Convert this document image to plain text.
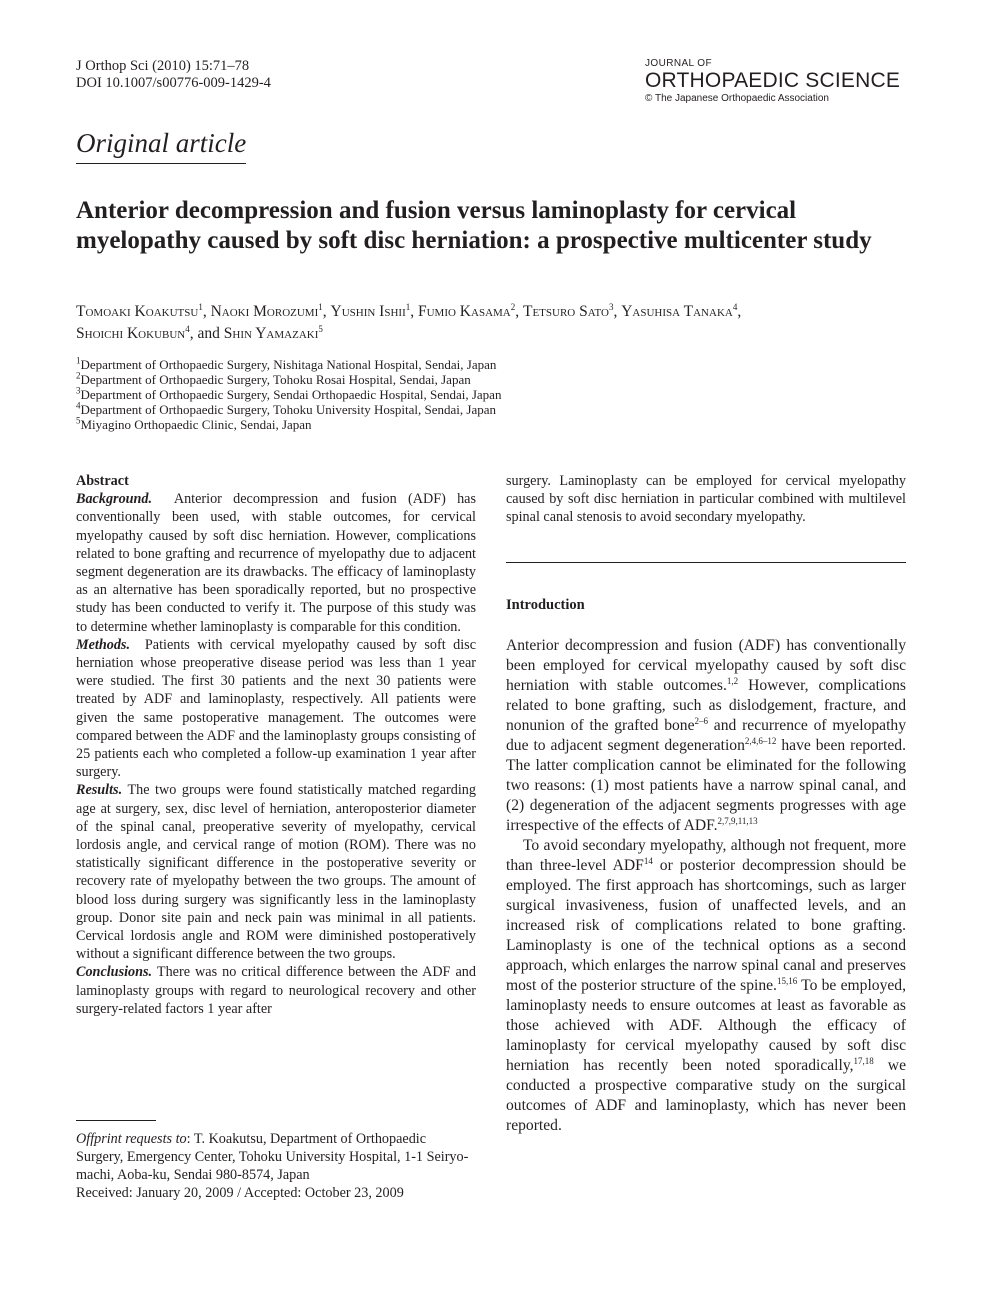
J Orthop Sci (2010) 15:71–78
DOI 10.1007/s00776-009-1429-4
JOURNAL OF
ORTHOPAEDIC SCIENCE
© The Japanese Orthopaedic Association
Original article
Anterior decompression and fusion versus laminoplasty for cervical myelopathy caused by soft disc herniation: a prospective multicenter study
Tomoaki Koakutsu$^1$, Naoki Morozumi$^1$, Yushin Ishii$^1$, Fumio Kasama$^2$, Tetsuro Sato$^3$, Yasuhisa Tanaka$^4$,
Shoichi Kokubun$^4$, and Shin Yamazaki$^5$
$^1$Department of Orthopaedic Surgery, Nishitaga National Hospital, Sendai, Japan
$^2$Department of Orthopaedic Surgery, Tohoku Rosai Hospital, Sendai, Japan
$^3$Department of Orthopaedic Surgery, Sendai Orthopaedic Hospital, Sendai, Japan
$^4$Department of Orthopaedic Surgery, Tohoku University Hospital, Sendai, Japan
$^5$Miyagino Orthopaedic Clinic, Sendai, Japan
Abstract

Background. Anterior decompression and fusion (ADF) has conventionally been used, with stable outcomes, for cervical myelopathy caused by soft disc herniation. However, complications related to bone grafting and recurrence of myelopathy due to adjacent segment degeneration are its drawbacks. The efficacy of laminoplasty as an alternative has been sporadically reported, but no prospective study has been conducted to verify it. The purpose of this study was to determine whether laminoplasty is comparable for this condition.

Methods. Patients with cervical myelopathy caused by soft disc herniation whose preoperative disease period was less than 1 year were studied. The first 30 patients and the next 30 patients were treated by ADF and laminoplasty, respectively. All patients were given the same postoperative management. The outcomes were compared between the ADF and the laminoplasty groups consisting of 25 patients each who completed a follow-up examination 1 year after surgery.

Results. The two groups were found statistically matched regarding age at surgery, sex, disc level of herniation, anteroposterior diameter of the spinal canal, preoperative severity of myelopathy, cervical lordosis angle, and cervical range of motion (ROM). There was no statistically significant difference in the postoperative severity or recovery rate of myelopathy between the two groups. The amount of blood loss during surgery was significantly less in the laminoplasty group. Donor site pain and neck pain was minimal in all patients. Cervical lordosis angle and ROM were diminished postoperatively without a significant difference between the two groups.

Conclusions. There was no critical difference between the ADF and laminoplasty groups with regard to neurological recovery and other surgery-related factors 1 year after

surgery. Laminoplasty can be employed for cervical myelopathy caused by soft disc herniation in particular combined with multilevel spinal canal stenosis to avoid secondary myelopathy.

Introduction

Anterior decompression and fusion (ADF) has conventionally been employed for cervical myelopathy caused by soft disc herniation with stable outcomes.$^{1,2}$ However, complications related to bone grafting, such as dislodgement, fracture, and nonunion of the grafted bone$^{2-6}$ and recurrence of myelopathy due to adjacent segment degeneration$^{2,4,6-12}$ have been reported. The latter complication cannot be eliminated for the following two reasons: (1) most patients have a narrow spinal canal, and (2) degeneration of the adjacent segments progresses with age irrespective of the effects of ADF.$^{2,7,9,11,13}$

To avoid secondary myelopathy, although not frequent, more than three-level ADF$^{14}$ or posterior decompression should be employed. The first approach has shortcomings, such as larger surgical invasiveness, fusion of unaffected levels, and an increased risk of complications related to bone grafting. Laminoplasty is one of the technical options as a second approach, which enlarges the narrow spinal canal and preserves most of the posterior structure of the spine.$^{15,16}$ To be employed, laminoplasty needs to ensure outcomes at least as favorable as those achieved with ADF. Although the efficacy of laminoplasty for cervical myelopathy caused by soft disc herniation has recently been noted sporadically,$^{17,18}$ we conducted a prospective comparative study on the surgical outcomes of ADF and laminoplasty, which has never been reported.

Offprint requests to: T. Koakutsu, Department of Orthopaedic Surgery, Emergency Center, Tohoku University Hospital, 1-1 Seiryo-machi, Aoba-ku, Sendai 980-8574, Japan

Received: January 20, 2009 / Accepted: October 23, 2009
